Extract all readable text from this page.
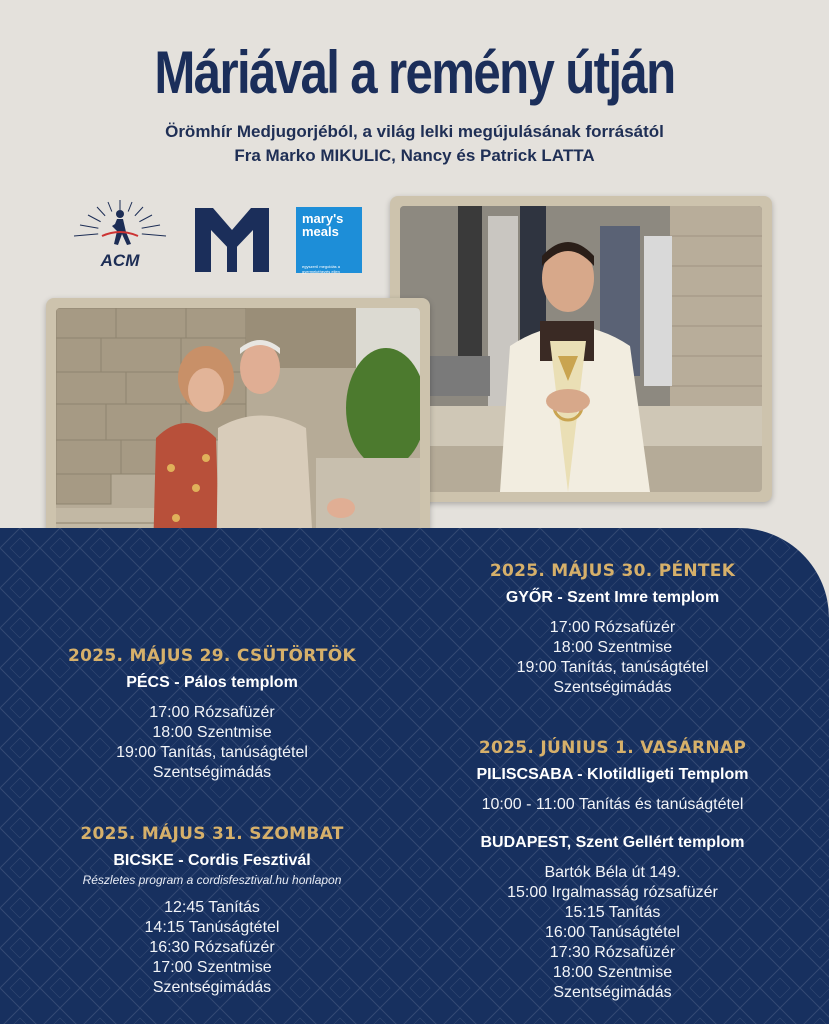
Máriával a remény útján
Örömhír Medjugorjéból, a világ lelki megújulásának forrásától
Fra Marko MIKULIC, Nancy és Patrick LATTA
ACM
mary's meals
egyszerű megoldás a gyermekéhezés ellen
2025. MÁJUS 29. CSÜTÖRTÖK
PÉCS - Pálos templom
17:00 Rózsafüzér
18:00 Szentmise
19:00 Tanítás, tanúságtétel
Szentségimádás
2025. MÁJUS 31. SZOMBAT
BICSKE - Cordis Fesztivál
Részletes program a cordisfesztival.hu honlapon
12:45 Tanítás
14:15 Tanúságtétel
16:30 Rózsafüzér
17:00 Szentmise
Szentségimádás
2025. MÁJUS 30. PÉNTEK
GYŐR - Szent Imre templom
17:00 Rózsafüzér
18:00 Szentmise
19:00 Tanítás, tanúságtétel
Szentségimádás
2025. JÚNIUS 1. VASÁRNAP
PILISCSABA - Klotildligeti Templom
10:00 - 11:00 Tanítás és tanúságtétel
BUDAPEST, Szent Gellért templom
Bartók Béla út 149.
15:00 Irgalmasság rózsafüzér
15:15 Tanítás
16:00 Tanúságtétel
17:30 Rózsafüzér
18:00 Szentmise
Szentségimádás
